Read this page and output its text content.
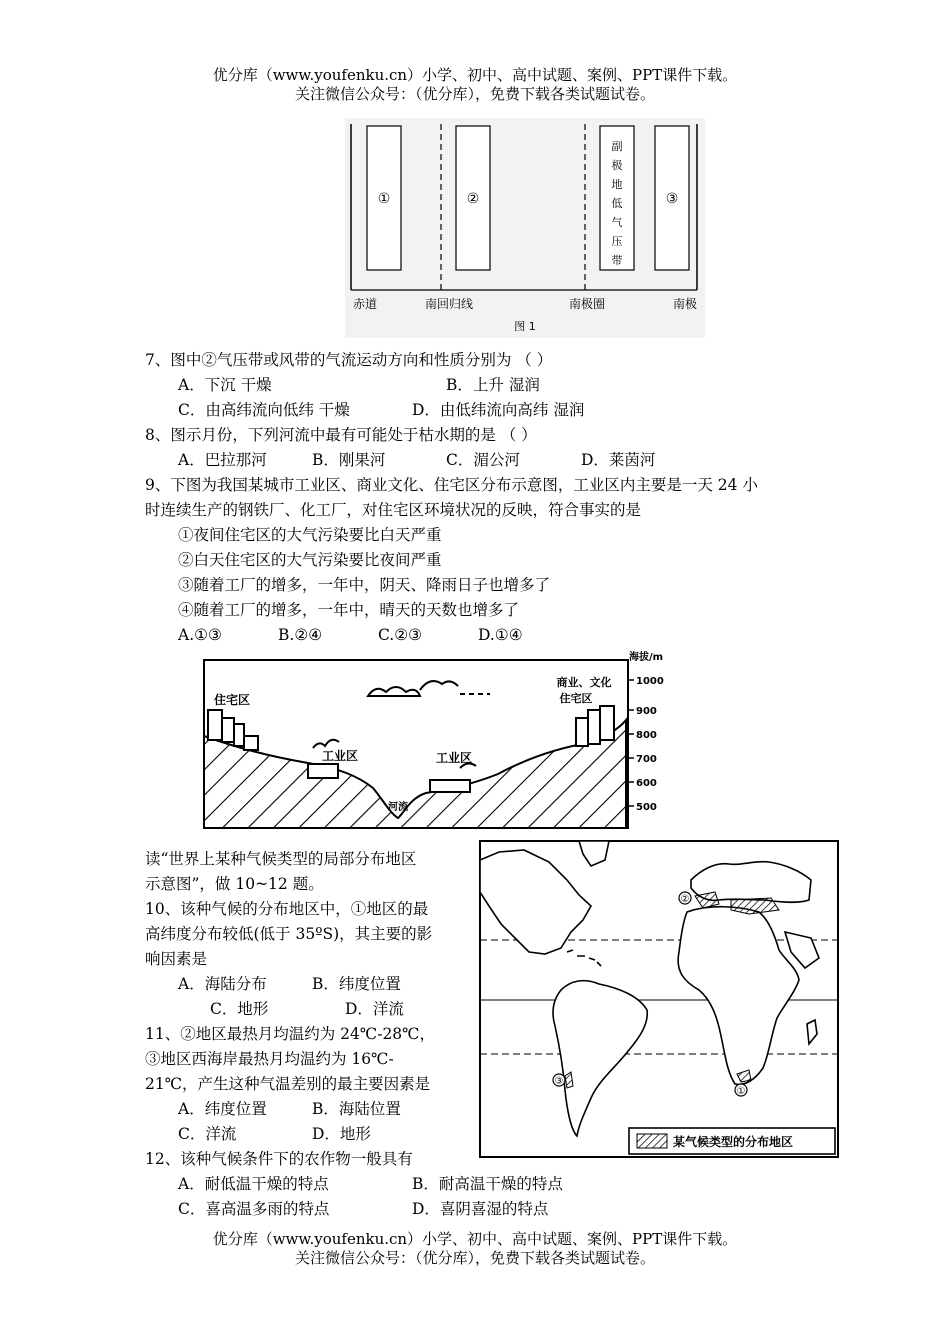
优分库（www.youfenku.cn）小学、初中、高中试题、案例、PPT课件下载。
关注微信公众号：（优分库），免费下载各类试题试卷。
①	②	③
副
极
地
低
气
压
带
赤道	南回归线	南极圈	南极
图 1
7、图中②气压带或风带的气流运动方向和性质分别为 （ ）
A．下沉 干燥	B．上升 湿润
C．由高纬流向低纬 干燥	D．由低纬流向高纬 湿润
8、图示月份，下列河流中最有可能处于枯水期的是 （ ）
A．巴拉那河	B．刚果河	C．湄公河	D．莱茵河
9、下图为我国某城市工业区、商业文化、住宅区分布示意图，工业区内主要是一天 24 小
时连续生产的钢铁厂、化工厂，对住宅区环境状况的反映，符合事实的是
①夜间住宅区的大气污染要比白天严重
②白天住宅区的大气污染要比夜间严重
③随着工厂的增多，一年中，阴天、降雨日子也增多了
④随着工厂的增多，一年中，晴天的天数也增多了
A.①③	B.②④	C.②③	D.①④
住宅区
工业区
河流
工业区
商业、文化
住宅区
海拔/m
1000
900
800
700
600
500
读“世界上某种气候类型的局部分布地区
示意图”，做 10~12 题。
10、该种气候的分布地区中，①地区的最
高纬度分布较低(低于 35ºS)，其主要的影
响因素是
A．海陆分布	B．纬度位置
C．地形	D．洋流
11、②地区最热月均温约为 24℃-28℃，
③地区西海岸最热月均温约为 16℃-
21℃，产生这种气温差别的最主要因素是
A．纬度位置	B．海陆位置
C．洋流	D．地形
12、该种气候条件下的农作物一般具有
A．耐低温干燥的特点	B．耐高温干燥的特点
C．喜高温多雨的特点	D．喜阴喜湿的特点
②
①
③
某气候类型的分布地区
优分库（www.youfenku.cn）小学、初中、高中试题、案例、PPT课件下载。
关注微信公众号：（优分库），免费下载各类试题试卷。
